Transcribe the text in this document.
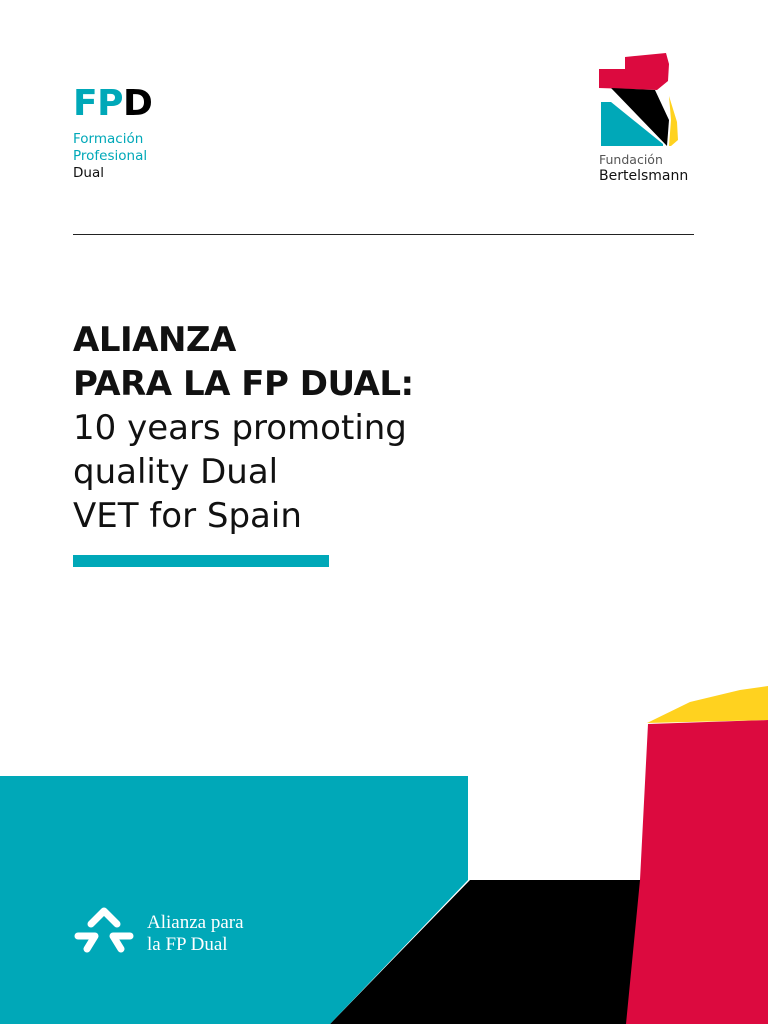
FPD
Formación
Profesional
Dual
Fundación
Bertelsmann
ALIANZA
PARA LA FP DUAL:
10 years promoting
quality Dual
VET for Spain
Alianza para
la FP Dual
